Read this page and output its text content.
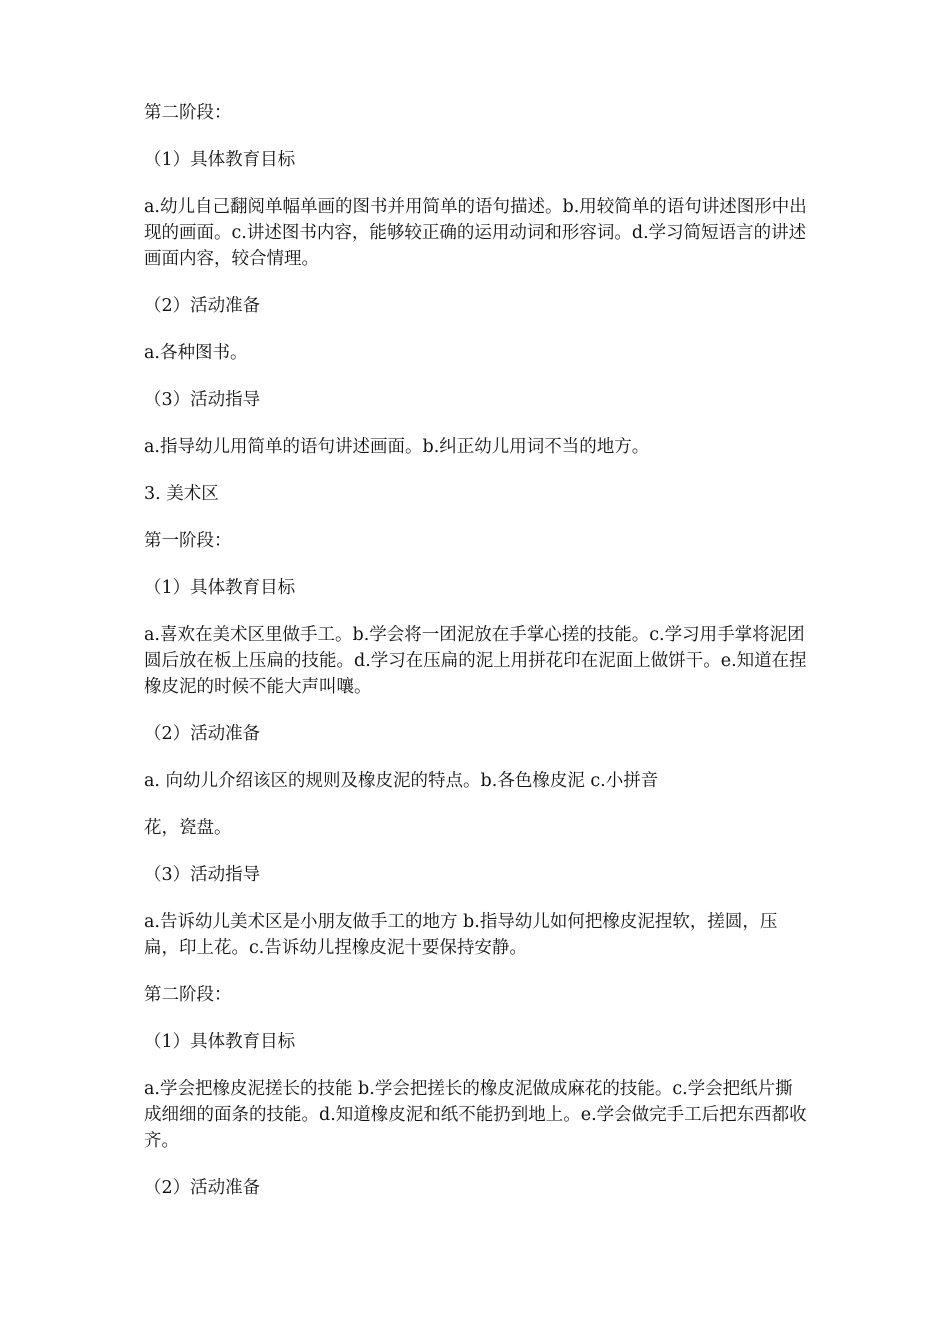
第二阶段：

（1）具体教育目标

a.幼儿自己翻阅单幅单画的图书并用简单的语句描述。b.用较简单的语句讲述图形中出现的画面。c.讲述图书内容，能够较正确的运用动词和形容词。d.学习简短语言的讲述画面内容，较合情理。

（2）活动准备

a.各种图书。

（3）活动指导

a.指导幼儿用简单的语句讲述画面。b.纠正幼儿用词不当的地方。

3. 美术区

第一阶段：

（1）具体教育目标

a.喜欢在美术区里做手工。b.学会将一团泥放在手掌心搓的技能。c.学习用手掌将泥团圆后放在板上压扁的技能。d.学习在压扁的泥上用拼花印在泥面上做饼干。e.知道在捏橡皮泥的时候不能大声叫嚷。

（2）活动准备

a. 向幼儿介绍该区的规则及橡皮泥的特点。b.各色橡皮泥 c.小拼音

花，瓷盘。

（3）活动指导

a.告诉幼儿美术区是小朋友做手工的地方 b.指导幼儿如何把橡皮泥捏软，搓圆，压扁，印上花。c.告诉幼儿捏橡皮泥十要保持安静。

第二阶段：

（1）具体教育目标

a.学会把橡皮泥搓长的技能 b.学会把搓长的橡皮泥做成麻花的技能。c.学会把纸片撕成细细的面条的技能。d.知道橡皮泥和纸不能扔到地上。e.学会做完手工后把东西都收齐。

（2）活动准备
